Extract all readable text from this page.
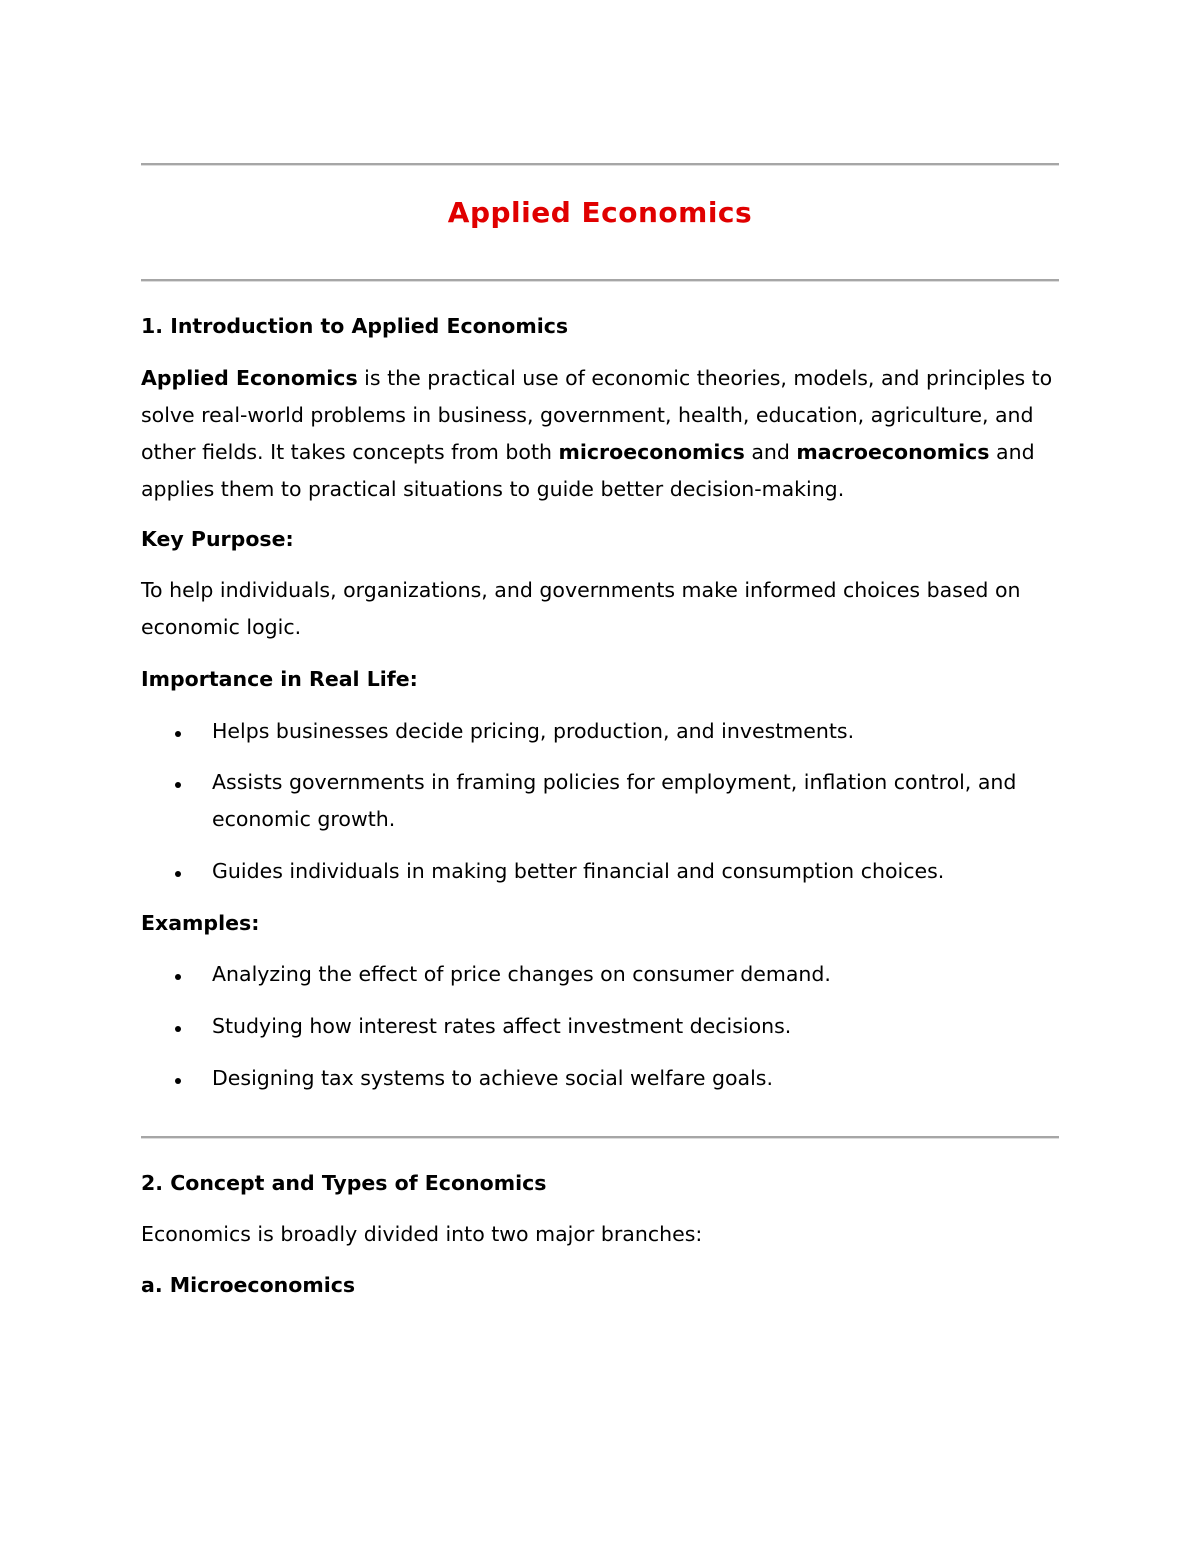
Applied Economics
1. Introduction to Applied Economics
Applied Economics is the practical use of economic theories, models, and principles to solve real-world problems in business, government, health, education, agriculture, and other fields. It takes concepts from both microeconomics and macroeconomics and applies them to practical situations to guide better decision-making.
Key Purpose:
To help individuals, organizations, and governments make informed choices based on economic logic.
Importance in Real Life:
Helps businesses decide pricing, production, and investments.
Assists governments in framing policies for employment, inflation control, and economic growth.
Guides individuals in making better financial and consumption choices.
Examples:
Analyzing the effect of price changes on consumer demand.
Studying how interest rates affect investment decisions.
Designing tax systems to achieve social welfare goals.
2. Concept and Types of Economics
Economics is broadly divided into two major branches:
a. Microeconomics
